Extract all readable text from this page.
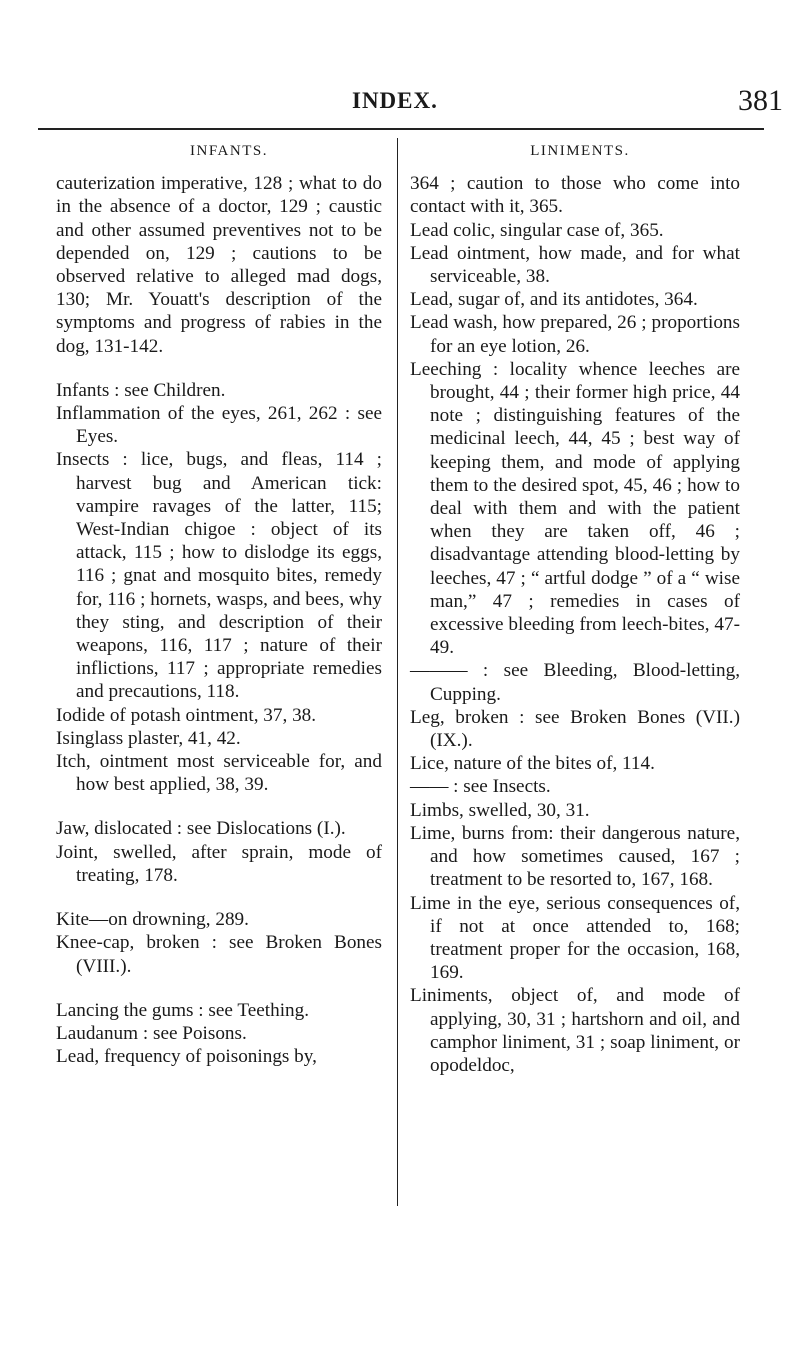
INDEX.	381
INFANTS.
cauterization imperative, 128 ; what to do in the absence of a doctor, 129 ; caustic and other assumed preventives not to be depended on, 129 ; cautions to be observed relative to alleged mad dogs, 130; Mr. Youatt's description of the symptoms and progress of rabies in the dog, 131-142.
Infants : see Children.
Inflammation of the eyes, 261, 262 : see Eyes.
Insects : lice, bugs, and fleas, 114 ; harvest bug and American tick: vampire ravages of the latter, 115; West-Indian chigoe : object of its attack, 115 ; how to dislodge its eggs, 116 ; gnat and mosquito bites, remedy for, 116 ; hornets, wasps, and bees, why they sting, and description of their weapons, 116, 117 ; nature of their inflictions, 117 ; appropriate remedies and precautions, 118.
Iodide of potash ointment, 37, 38.
Isinglass plaster, 41, 42.
Itch, ointment most serviceable for, and how best applied, 38, 39.
Jaw, dislocated : see Dislocations (I.).
Joint, swelled, after sprain, mode of treating, 178.
Kite—on drowning, 289.
Knee-cap, broken : see Broken Bones (VIII.).
Lancing the gums : see Teething.
Laudanum : see Poisons.
Lead, frequency of poisonings by,
LINIMENTS.
364 ; caution to those who come into contact with it, 365.
Lead colic, singular case of, 365.
Lead ointment, how made, and for what serviceable, 38.
Lead, sugar of, and its antidotes, 364.
Lead wash, how prepared, 26 ; proportions for an eye lotion, 26.
Leeching : locality whence leeches are brought, 44 ; their former high price, 44 note ; distinguishing features of the medicinal leech, 44, 45 ; best way of keeping them, and mode of applying them to the desired spot, 45, 46 ; how to deal with them and with the patient when they are taken off, 46 ; disadvantage attending blood-letting by leeches, 47 ; “ artful dodge ” of a “ wise man,” 47 ; remedies in cases of excessive bleeding from leech-bites, 47-49.
——— : see Bleeding, Blood-letting, Cupping.
Leg, broken : see Broken Bones (VII.) (IX.).
Lice, nature of the bites of, 114.
—— : see Insects.
Limbs, swelled, 30, 31.
Lime, burns from: their dangerous nature, and how sometimes caused, 167 ; treatment to be resorted to, 167, 168.
Lime in the eye, serious consequences of, if not at once attended to, 168; treatment proper for the occasion, 168, 169.
Liniments, object of, and mode of applying, 30, 31 ; hartshorn and oil, and camphor liniment, 31 ; soap liniment, or opodeldoc,
